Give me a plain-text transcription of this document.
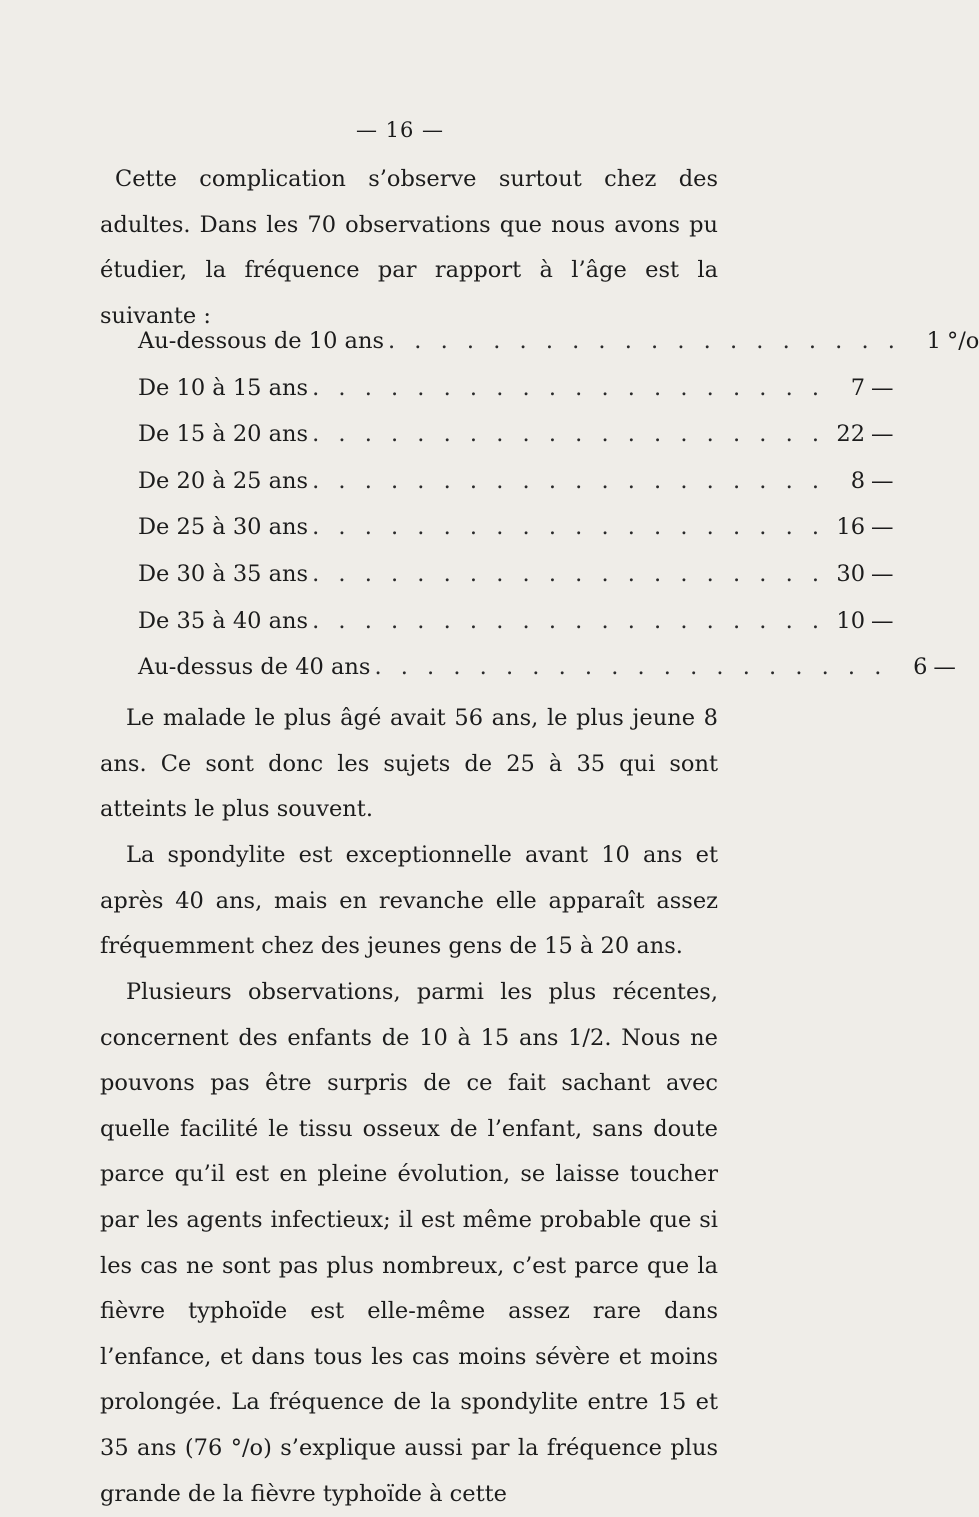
— 16 —

Cette complication s’observe surtout chez des adultes. Dans les 70 observations que nous avons pu étudier, la fréquence par rapport à l’âge est la suivante :

Au-dessous de 10 ans . . . . . . . . . . . . . . . . . . . .	1 °/o
De 10 à 15 ans . . . . . . . . . . . . . . . . . . . .	7 —
De 15 à 20 ans . . . . . . . . . . . . . . . . . . . . 22 —
De 20 à 25 ans . . . . . . . . . . . . . . . . . . . .	8 —
De 25 à 30 ans . . . . . . . . . . . . . . . . . . . . 16 —
De 30 à 35 ans . . . . . . . . . . . . . . . . . . . . 30 —
De 35 à 40 ans . . . . . . . . . . . . . . . . . . . . 10 —
Au-dessus de 40 ans . . . . . . . . . . . . . . . . . . . .	6 —

Le malade le plus âgé avait 56 ans, le plus jeune 8 ans. Ce sont donc les sujets de 25 à 35 qui sont atteints le plus souvent.

La spondylite est exceptionnelle avant 10 ans et après 40 ans, mais en revanche elle apparaît assez fréquemment chez des jeunes gens de 15 à 20 ans.

Plusieurs observations, parmi les plus récentes, concernent des enfants de 10 à 15 ans 1/2. Nous ne pouvons pas être surpris de ce fait sachant avec quelle facilité le tissu osseux de l’enfant, sans doute parce qu’il est en pleine évolution, se laisse toucher par les agents infectieux; il est même probable que si les cas ne sont pas plus nombreux, c’est parce que la fièvre typhoïde est elle-même assez rare dans l’enfance, et dans tous les cas moins sévère et moins prolongée. La fréquence de la spondylite entre 15 et 35 ans (76 °/o) s’explique aussi par la fréquence plus grande de la fièvre typhoïde à cette
